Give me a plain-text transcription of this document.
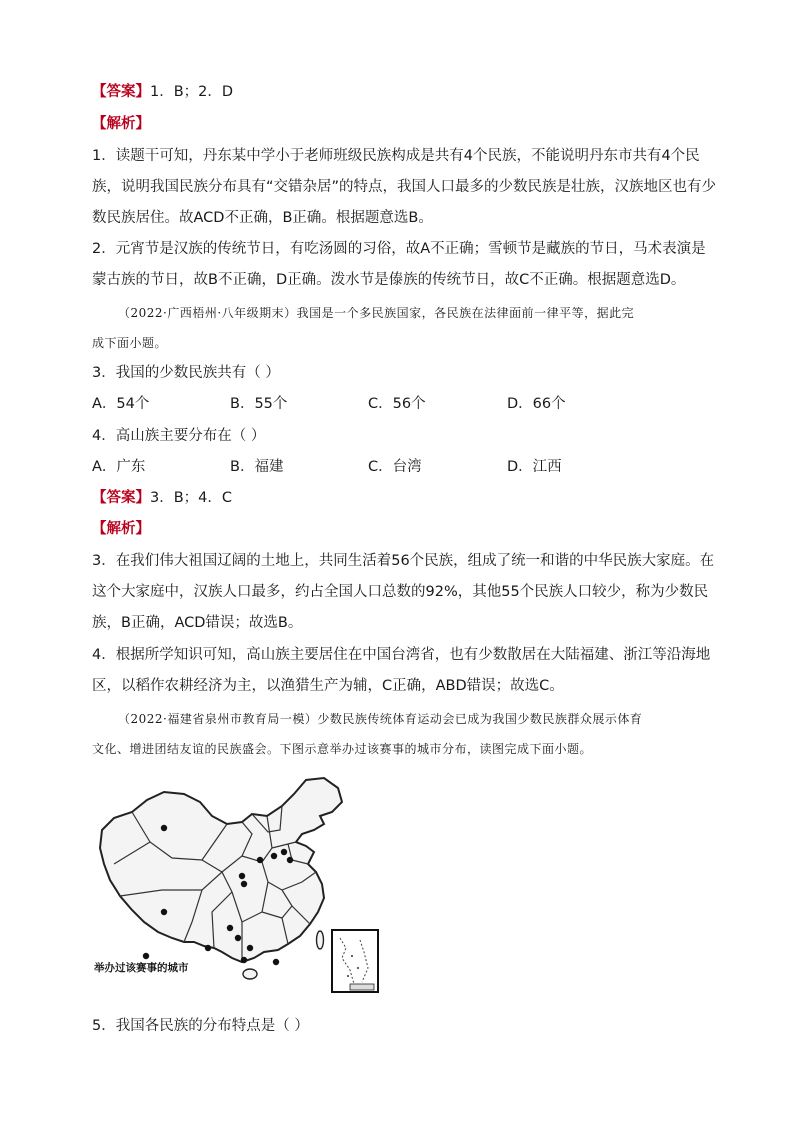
【答案】1．B；2．D
【解析】
1．读题干可知，丹东某中学小于老师班级民族构成是共有4个民族，不能说明丹东市共有4个民
族，说明我国民族分布具有“交错杂居”的特点，我国人口最多的少数民族是壮族，汉族地区也有少
数民族居住。故ACD不正确，B正确。根据题意选B。
2．元宵节是汉族的传统节日，有吃汤圆的习俗，故A不正确；雪顿节是藏族的节日，马术表演是
蒙古族的节日，故B不正确，D正确。泼水节是傣族的传统节日，故C不正确。根据题意选D。
（2022·广西梧州·八年级期末）我国是一个多民族国家，各民族在法律面前一律平等，据此完
成下面小题。
3．我国的少数民族共有（ ）
A．54个	B．55个	C．56个	D．66个
4．高山族主要分布在（ ）
A．广东	B．福建	C．台湾	D．江西
【答案】3．B；4．C
【解析】
3．在我们伟大祖国辽阔的土地上，共同生活着56个民族，组成了统一和谐的中华民族大家庭。在
这个大家庭中，汉族人口最多，约占全国人口总数的92%，其他55个民族人口较少，称为少数民
族，B正确，ACD错误；故选B。
4．根据所学知识可知，高山族主要居住在中国台湾省，也有少数散居在大陆福建、浙江等沿海地
区，以稻作农耕经济为主，以渔猎生产为辅，C正确，ABD错误；故选C。
（2022·福建省泉州市教育局一模）少数民族传统体育运动会已成为我国少数民族群众展示体育
文化、增进团结友谊的民族盛会。下图示意举办过该赛事的城市分布，读图完成下面小题。
举办过该赛事的城市
5．我国各民族的分布特点是（ ）
